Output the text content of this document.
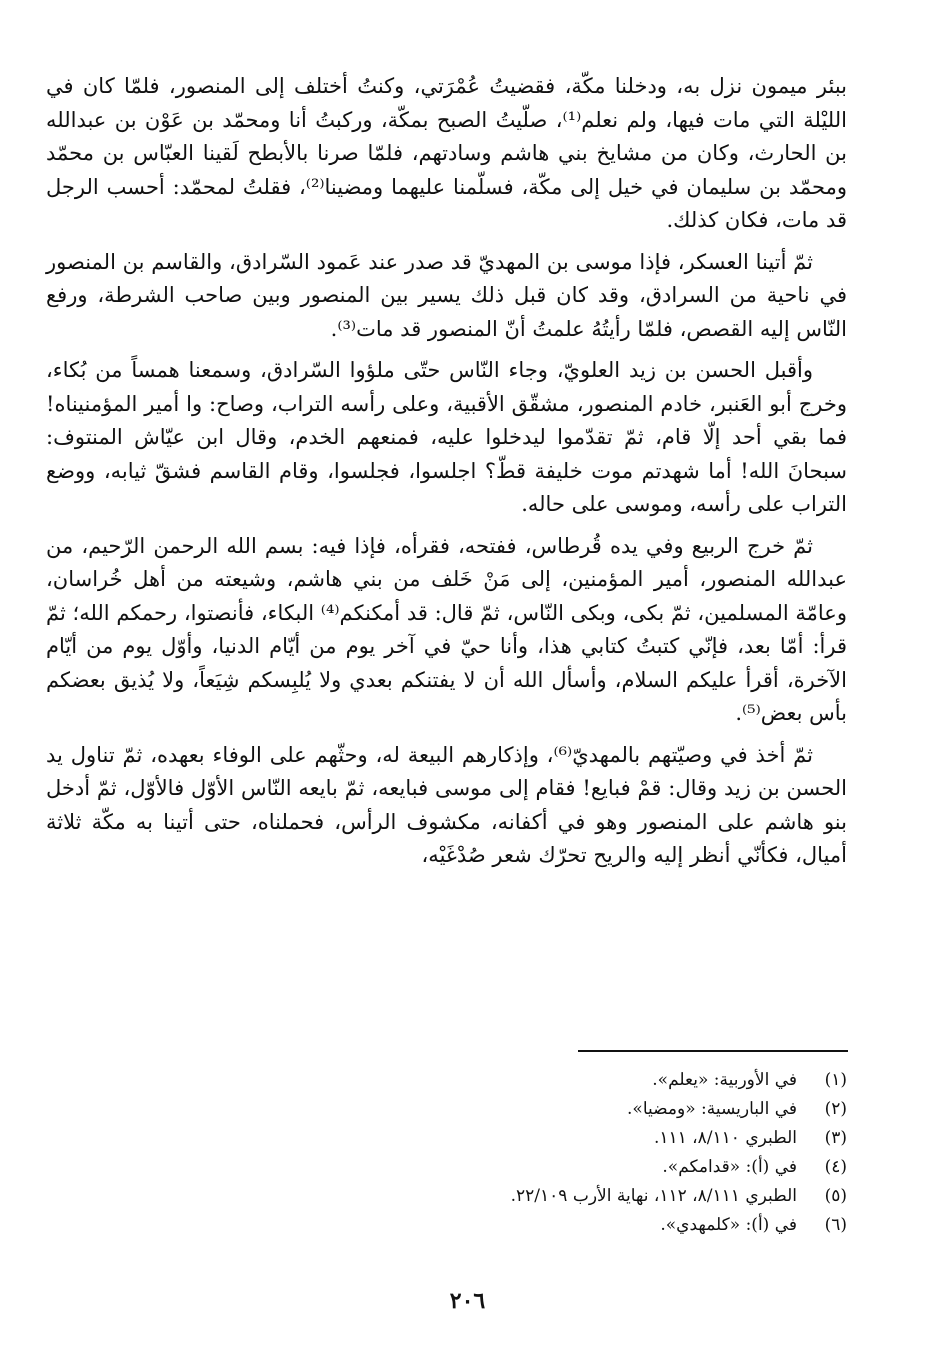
ببئر ميمون نزل به، ودخلنا مكّة، فقضيتُ عُمْرَتي، وكنتُ أختلف إلى المنصور، فلمّا كان في الليْلة التي مات فيها، ولم نعلم⁽¹⁾، صلّيتُ الصبح بمكّة، وركبتُ أنا ومحمّد بن عَوْن بن عبدالله بن الحارث، وكان من مشايخ بني هاشم وسادتهم، فلمّا صرنا بالأبطح لَقينا العبّاس بن محمّد ومحمّد بن سليمان في خيل إلى مكّة، فسلّمنا عليهما ومضينا⁽²⁾، فقلتُ لمحمّد: أحسب الرجل قد مات، فكان كذلك.

ثمّ أتينا العسكر، فإذا موسى بن المهديّ قد صدر عند عَمود السّرادق، والقاسم بن المنصور في ناحية من السرادق، وقد كان قبل ذلك يسير بين المنصور وبين صاحب الشرطة، ورفع النّاس إليه القصص، فلمّا رأيتُهُ علمتُ أنّ المنصور قد مات⁽³⁾.

وأقبل الحسن بن زيد العلويّ، وجاء النّاس حتّى ملؤوا السّرادق، وسمعنا همساً من بُكاء، وخرج أبو العَنبر، خادم المنصور، مشقّق الأقبية، وعلى رأسه التراب، وصاح: وا أمير المؤمنيناه! فما بقي أحد إلّا قام، ثمّ تقدّموا ليدخلوا عليه، فمنعهم الخدم، وقال ابن عيّاش المنتوف: سبحانَ الله! أما شهدتم موت خليفة قطّ؟ اجلسوا، فجلسوا، وقام القاسم فشقّ ثيابه، ووضع التراب على رأسه، وموسى على حاله.

ثمّ خرج الربيع وفي يده قُرطاس، ففتحه، فقرأه، فإذا فيه: بسم الله الرحمن الرّحيم، من عبدالله المنصور، أمير المؤمنين، إلى مَنْ خَلف من بني هاشم، وشيعته من أهل خُراسان، وعامّة المسلمين، ثمّ بكى، وبكى النّاس، ثمّ قال: قد أمكنكم⁽⁴⁾ البكاء، فأنصتوا، رحمكم الله؛ ثمّ قرأ: أمّا بعد، فإنّي كتبتُ كتابي هذا، وأنا حيّ في آخر يوم من أيّام الدنيا، وأوّل يوم من أيّام الآخرة، أقرأ عليكم السلام، وأسأل الله أن لا يفتنكم بعدي ولا يُلبِسكم شِيَعاً، ولا يُذيق بعضكم بأس بعض⁽⁵⁾.

ثمّ أخذ في وصيّتهم بالمهديّ⁽⁶⁾، وإذكارهم البيعة له، وحثّهم على الوفاء بعهده، ثمّ تناول يد الحسن بن زيد وقال: قمْ فبايع! فقام إلى موسى فبايعه، ثمّ بايعه النّاس الأوّل فالأوّل، ثمّ أدخل بنو هاشم على المنصور وهو في أكفانه، مكشوف الرأس، فحملناه، حتى أتينا به مكّة ثلاثة أميال، فكأنّي أنظر إليه والريح تحرّك شعر صُدْغَيْه،

(١)
في الأوربية: «يعلم».
(٢)
في الباريسية: «ومضيا».
(٣)
الطبري ٨/١١٠، ١١١.
(٤)
في (أ): «قدامكم».
(٥)
الطبري ٨/١١١، ١١٢، نهاية الأرب ٢٢/١٠٩.
(٦)
في (أ): «كلمهدي».
٢٠٦
